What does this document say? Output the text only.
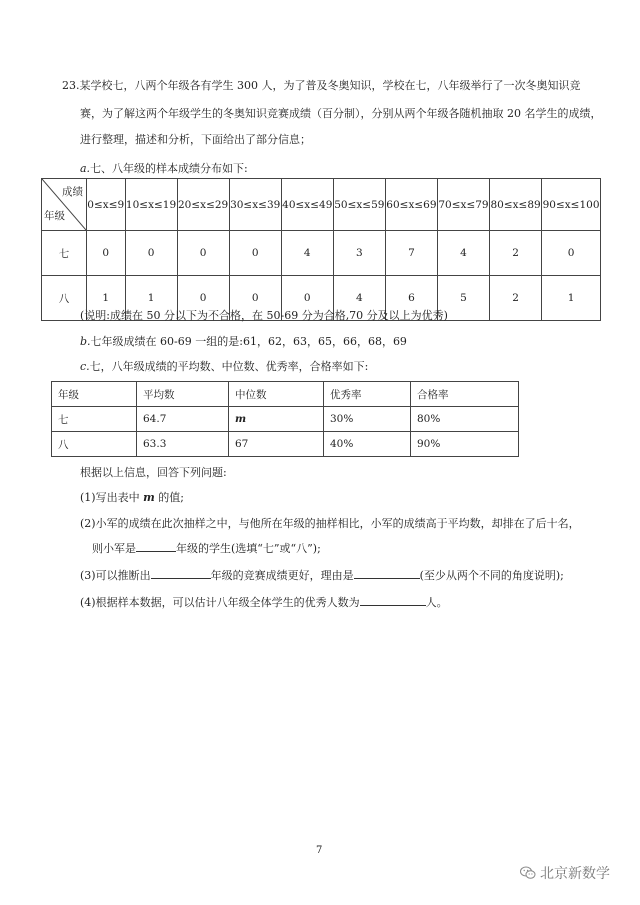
23.某学校七，八两个年级各有学生 300 人，为了普及冬奥知识，学校在七，八年级举行了一次冬奥知识竞
赛，为了解这两个年级学生的冬奥知识竞赛成绩（百分制），分别从两个年级各随机抽取 20 名学生的成绩，
进行整理，描述和分析，下面给出了部分信息；
a.七、八年级的样本成绩分布如下:
成绩
年级	0≤x≤9	10≤x≤19	20≤x≤29	30≤x≤39	40≤x≤49	50≤x≤59	60≤x≤69	70≤x≤79	80≤x≤89	90≤x≤100
七	0	0	0	0	4	3	7	4	2	0
八	1	1	0	0	0	4	6	5	2	1
(说明:成绩在 50 分以下为不合格，在 50-69 分为合格,70 分及以上为优秀)
b.七年级成绩在 60-69 一组的是:61，62，63，65，66，68，69
c.七，八年级成绩的平均数、中位数、优秀率，合格率如下:
年级	平均数	中位数	优秀率	合格率
七	64.7	m	30%	80%
八	63.3	67	40%	90%
根据以上信息，回答下列问题:
(1)写出表中 m 的值;
(2)小军的成绩在此次抽样之中，与他所在年级的抽样相比，小军的成绩高于平均数，却排在了后十名，
则小军是	年级的学生(选填“七”或“八”);
(3)可以推断出	年级的竞赛成绩更好，理由是	(至少从两个不同的角度说明);
(4)根据样本数据，可以估计八年级全体学生的优秀人数为	人。
7
北京新数学
